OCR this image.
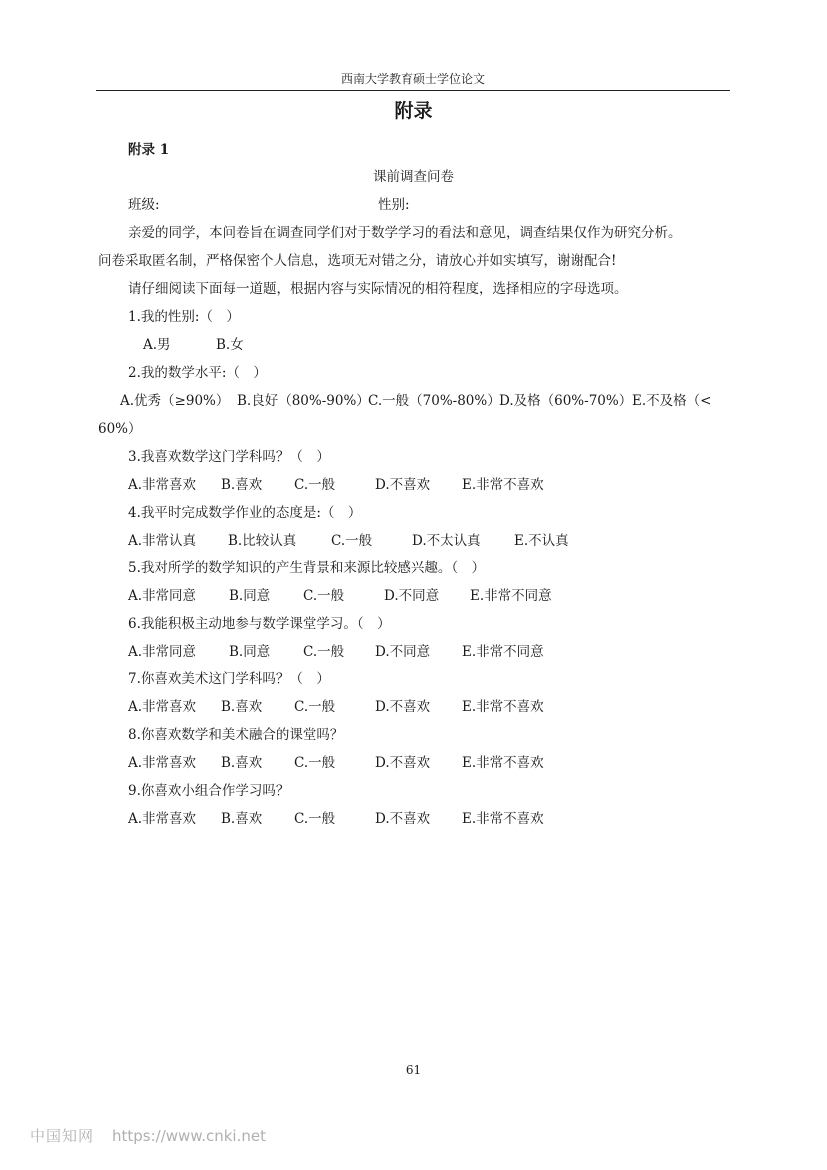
西南大学教育硕士学位论文
附录
附录 1
课前调查问卷
班级:	性别:
亲爱的同学，本问卷旨在调查同学们对于数学学习的看法和意见，调查结果仅作为研究分析。
问卷采取匿名制，严格保密个人信息，选项无对错之分，请放心并如实填写，谢谢配合!
请仔细阅读下面每一道题，根据内容与实际情况的相符程度，选择相应的字母选项。
1.我的性别:（　）
A.男	B.女
2.我的数学水平:（　）
A.优秀（≥90%） B.良好（80%-90%）
C.一般（70%-80%）
D.及格（60%-70%） E.不及格（<
60%）
3.我喜欢数学这门学科吗？（　）
A.非常喜欢 B.喜欢 C.一般	D.不喜欢 E.非常不喜欢
4.我平时完成数学作业的态度是:（　）
A.非常认真 B.比较认真	C.一般	D.不太认真 E.不认真
5.我对所学的数学知识的产生背景和来源比较感兴趣。（　）
A.非常同意 B.同意 C.一般	D.不同意 E.非常不同意
6.我能积极主动地参与数学课堂学习。（　）
A.非常同意 B.同意 C.一般 D.不同意 E.非常不同意
7.你喜欢美术这门学科吗？（　）
A.非常喜欢 B.喜欢 C.一般	D.不喜欢 E.非常不喜欢
8.你喜欢数学和美术融合的课堂吗？
A.非常喜欢 B.喜欢 C.一般	D.不喜欢 E.非常不喜欢
9.你喜欢小组合作学习吗？
A.非常喜欢 B.喜欢 C.一般	D.不喜欢 E.非常不喜欢
61
中国知网 https://www.cnki.net
